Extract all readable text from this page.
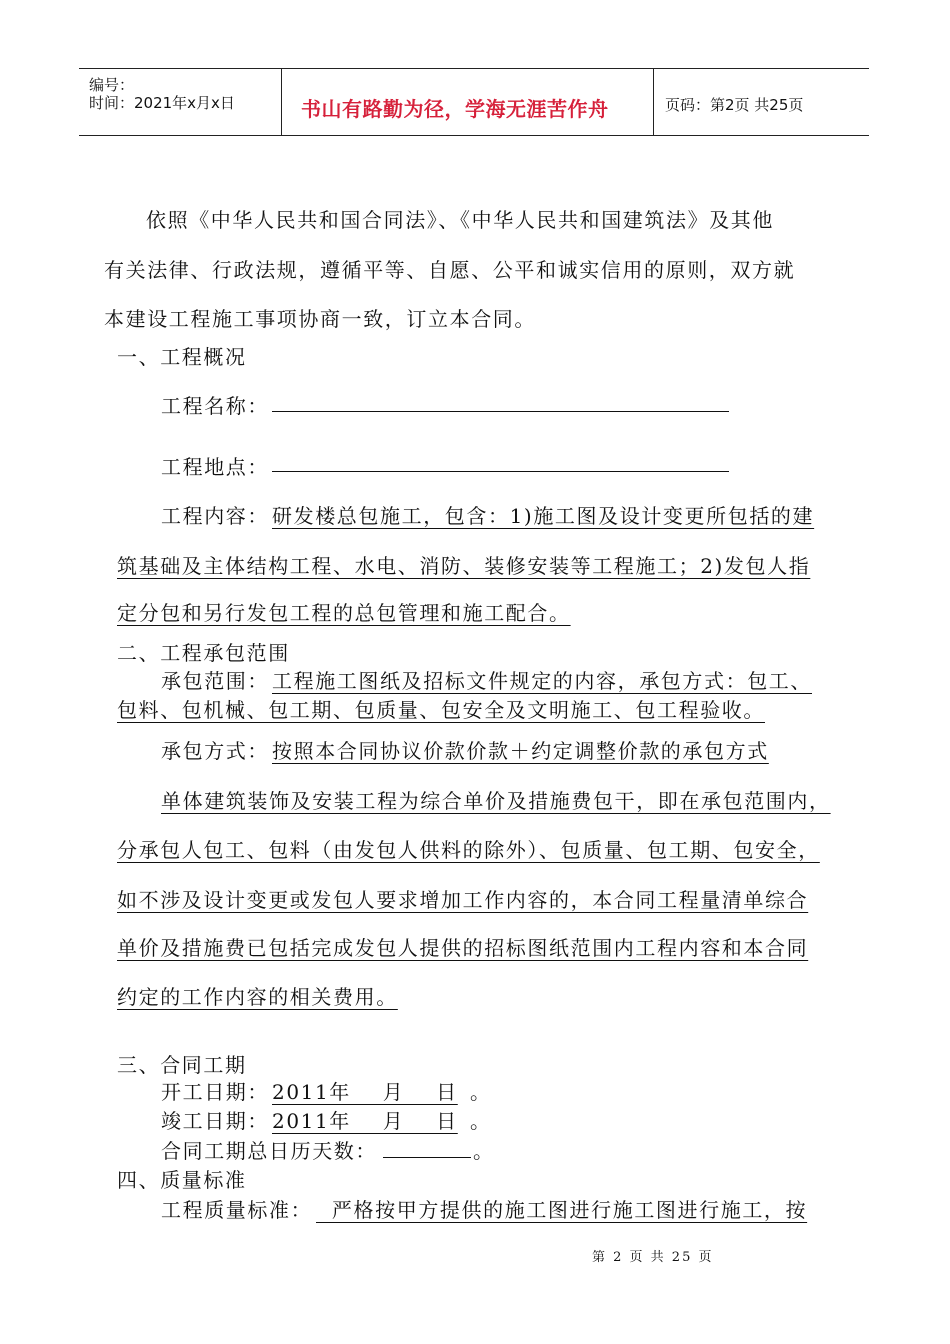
编号：
时间：2021年x月x日	书山有路勤为径，学海无涯苦作舟	页码：第2页 共25页
依照《中华人民共和国合同法》、《中华人民共和国建筑法》及其他
有关法律、行政法规，遵循平等、自愿、公平和诚实信用的原则，双方就
本建设工程施工事项协商一致，订立本合同。
一、工程概况
工程名称：
工程地点：
工程内容： 研发楼总包施工，包含：1)施工图及设计变更所包括的建
筑基础及主体结构工程、水电、消防、装修安装等工程施工；2)发包人指
定分包和另行发包工程的总包管理和施工配合。
二、工程承包范围
承包范围： 工程施工图纸及招标文件规定的内容，承包方式：包工、
包料、包机械、包工期、包质量、包安全及文明施工、包工程验收。
承包方式： 按照本合同协议价款价款＋约定调整价款的承包方式
单体建筑装饰及安装工程为综合单价及措施费包干，即在承包范围内，
分承包人包工、包料（由发包人供料的除外）、包质量、包工期、包安全，
如不涉及设计变更或发包人要求增加工作内容的，本合同工程量清单综合
单价及措施费已包括完成发包人提供的招标图纸范围内工程内容和本合同
约定的工作内容的相关费用。
三、合同工期
开工日期： 2011年    月    日 。
竣工日期： 2011年    月    日 。
合同工期总日历天数：	。
四、质量标准
工程质量标准： 严格按甲方提供的施工图进行施工图进行施工，按
第 2 页 共 25 页
